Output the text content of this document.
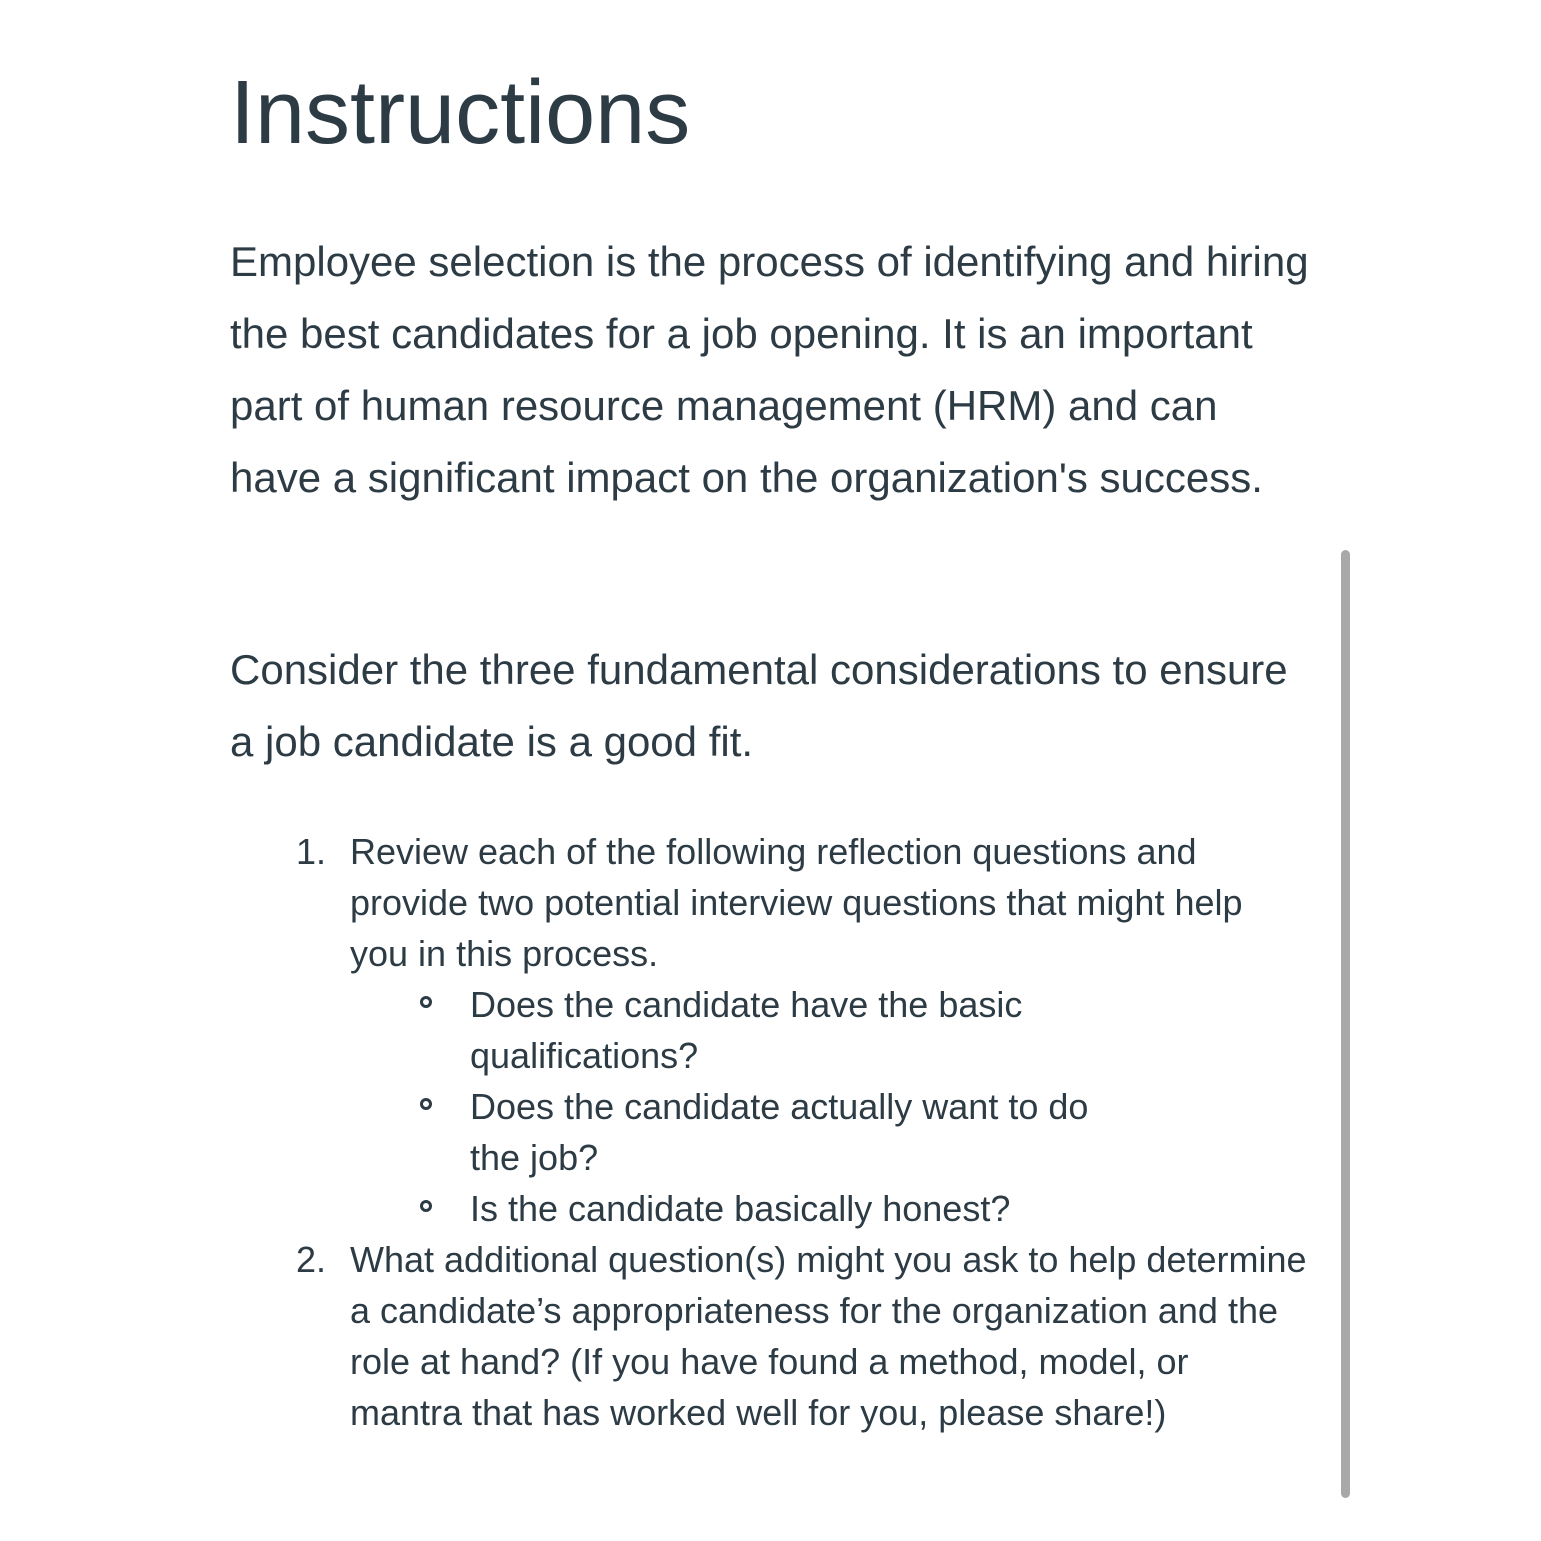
Instructions

Employee selection is the process of identifying and hiring the best candidates for a job opening. It is an important part of human resource management (HRM) and can have a significant impact on the organization's success.

Consider the three fundamental considerations to ensure a job candidate is a good fit.

1. Review each of the following reflection questions and provide two potential interview questions that might help you in this process.
Does the candidate have the basic qualifications?
Does the candidate actually want to do the job?
Is the candidate basically honest?
2. What additional question(s) might you ask to help determine a candidate’s appropriateness for the organization and the role at hand? (If you have found a method, model, or mantra that has worked well for you, please share!)
